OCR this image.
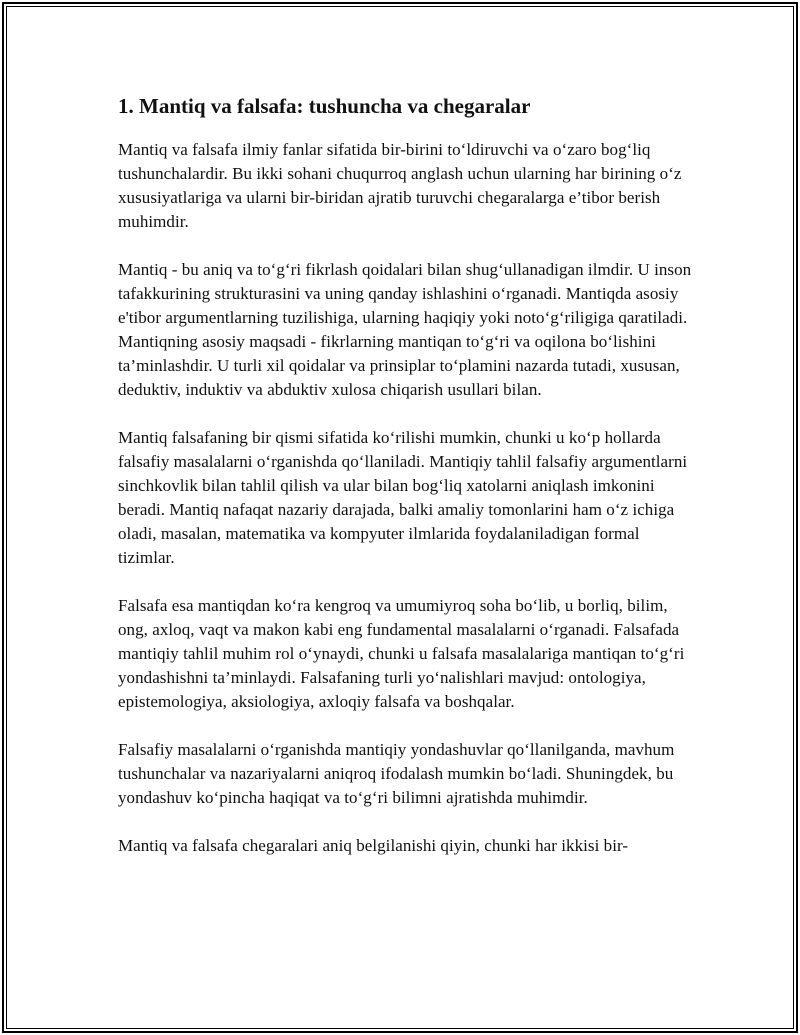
1. Mantiq va falsafa: tushuncha va chegaralar

Mantiq va falsafa ilmiy fanlar sifatida bir-birini to‘ldiruvchi va o‘zaro bog‘liq tushunchalardir. Bu ikki sohani chuqurroq anglash uchun ularning har birining o‘z xususiyatlariga va ularni bir-biridan ajratib turuvchi chegaralarga e’tibor berish muhimdir.

Mantiq - bu aniq va to‘g‘ri fikrlash qoidalari bilan shug‘ullanadigan ilmdir. U inson tafakkurining strukturasini va uning qanday ishlashini o‘rganadi. Mantiqda asosiy e'tibor argumentlarning tuzilishiga, ularning haqiqiy yoki noto‘g‘riligiga qaratiladi. Mantiqning asosiy maqsadi - fikrlarning mantiqan to‘g‘ri va oqilona bo‘lishini ta’minlashdir. U turli xil qoidalar va prinsiplar to‘plamini nazarda tutadi, xususan, deduktiv, induktiv va abduktiv xulosa chiqarish usullari bilan.

Mantiq falsafaning bir qismi sifatida ko‘rilishi mumkin, chunki u ko‘p hollarda falsafiy masalalarni o‘rganishda qo‘llaniladi. Mantiqiy tahlil falsafiy argumentlarni sinchkovlik bilan tahlil qilish va ular bilan bog‘liq xatolarni aniqlash imkonini beradi. Mantiq nafaqat nazariy darajada, balki amaliy tomonlarini ham o‘z ichiga oladi, masalan, matematika va kompyuter ilmlarida foydalaniladigan formal tizimlar.

Falsafa esa mantiqdan ko‘ra kengroq va umumiyroq soha bo‘lib, u borliq, bilim, ong, axloq, vaqt va makon kabi eng fundamental masalalarni o‘rganadi. Falsafada mantiqiy tahlil muhim rol o‘ynaydi, chunki u falsafa masalalariga mantiqan to‘g‘ri yondashishni ta’minlaydi. Falsafaning turli yo‘nalishlari mavjud: ontologiya, epistemologiya, aksiologiya, axloqiy falsafa va boshqalar.

Falsafiy masalalarni o‘rganishda mantiqiy yondashuvlar qo‘llanilganda, mavhum tushunchalar va nazariyalarni aniqroq ifodalash mumkin bo‘ladi. Shuningdek, bu yondashuv ko‘pincha haqiqat va to‘g‘ri bilimni ajratishda muhimdir.

Mantiq va falsafa chegaralari aniq belgilanishi qiyin, chunki har ikkisi bir-
